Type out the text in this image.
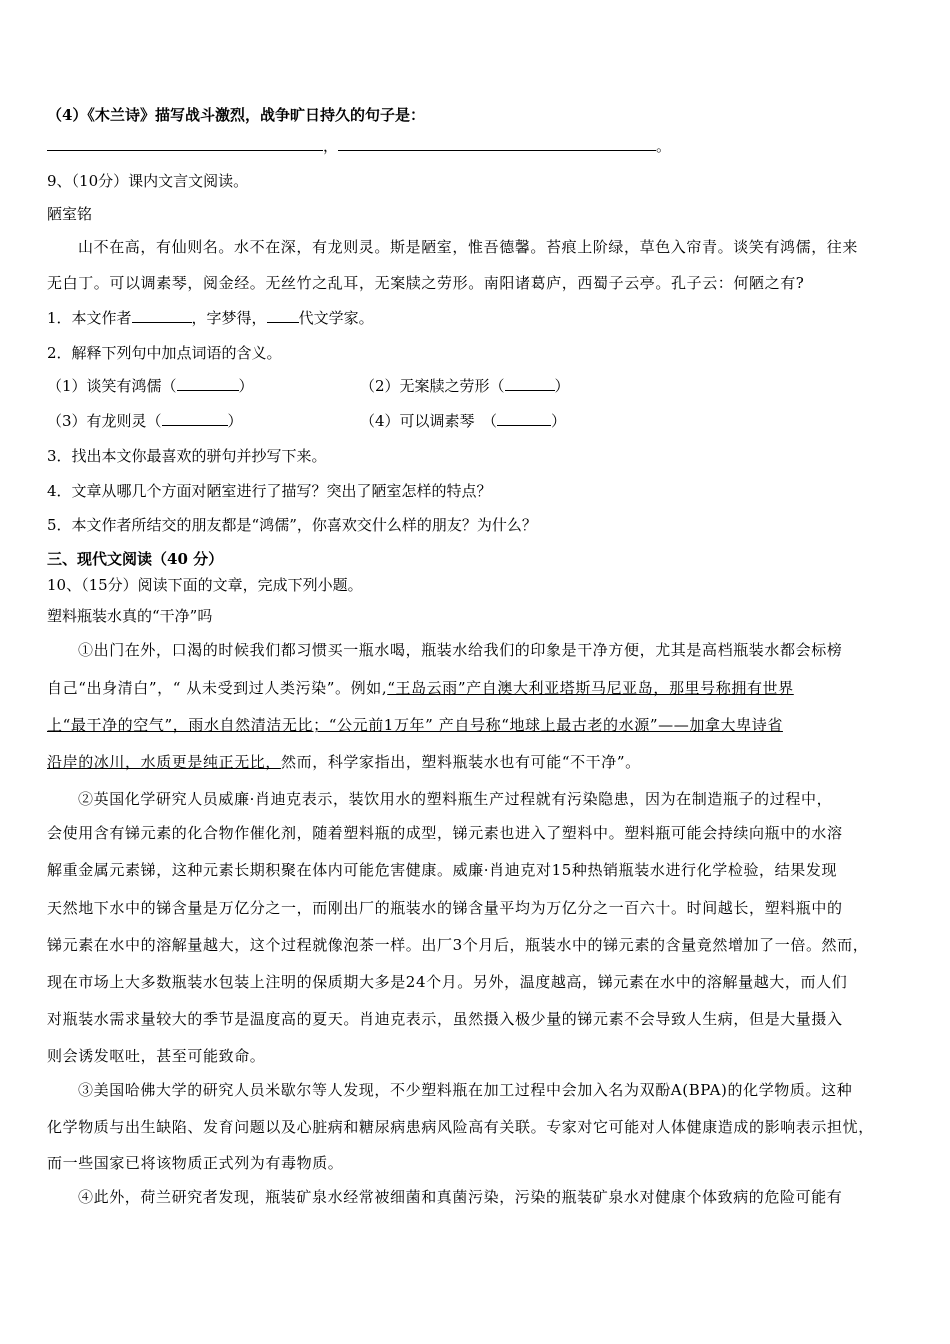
（4）《木兰诗》描写战斗激烈，战争旷日持久的句子是：
，	。
9、（10分）课内文言文阅读。
陋室铭
山不在高，有仙则名。水不在深，有龙则灵。斯是陋室，惟吾德馨。苔痕上阶绿，草色入帘青。谈笑有鸿儒，往来
无白丁。可以调素琴，阅金经。无丝竹之乱耳，无案牍之劳形。南阳诸葛庐，西蜀子云亭。孔子云：何陋之有?
1．本文作者	，字梦得， 代文学家。
2．解释下列句中加点词语的含义。
（1）谈笑有鸿儒（	）	（2）无案牍之劳形（	）
（3）有龙则灵（	）	（4）可以调素琴　（	）
3．找出本文你最喜欢的骈句并抄写下来。
4．文章从哪几个方面对陋室进行了描写？突出了陋室怎样的特点？
5．本文作者所结交的朋友都是“鸿儒”，你喜欢交什么样的朋友？为什么？
三、现代文阅读（40 分）
10、（15分）阅读下面的文章，完成下列小题。
塑料瓶装水真的“干净”吗
①出门在外，口渴的时候我们都习惯买一瓶水喝，瓶装水给我们的印象是干净方便，尤其是高档瓶装水都会标榜
自己“出身清白”，“ 从未受到过人类污染”。例如,“王岛云雨”产自澳大利亚塔斯马尼亚岛，那里号称拥有世界
上“最干净的空气”，雨水自然清洁无比；“公元前1万年” 产自号称“地球上最古老的水源”——加拿大卑诗省
沿岸的冰川，水质更是纯正无比，然而，科学家指出，塑料瓶装水也有可能“不干净”。
②英国化学研究人员威廉·肖迪克表示，装饮用水的塑料瓶生产过程就有污染隐患，因为在制造瓶子的过程中，
会使用含有锑元素的化合物作催化剂，随着塑料瓶的成型，锑元素也进入了塑料中。塑料瓶可能会持续向瓶中的水溶
解重金属元素锑，这种元素长期积聚在体内可能危害健康。威廉·肖迪克对15种热销瓶装水进行化学检验，结果发现
天然地下水中的锑含量是万亿分之一，而刚出厂的瓶装水的锑含量平均为万亿分之一百六十。时间越长，塑料瓶中的
锑元素在水中的溶解量越大，这个过程就像泡茶一样。出厂3个月后，瓶装水中的锑元素的含量竟然增加了一倍。然而，
现在市场上大多数瓶装水包装上注明的保质期大多是24个月。另外，温度越高，锑元素在水中的溶解量越大，而人们
对瓶装水需求量较大的季节是温度高的夏天。肖迪克表示，虽然摄入极少量的锑元素不会导致人生病，但是大量摄入
则会诱发呕吐，甚至可能致命。
③美国哈佛大学的研究人员米歇尔等人发现，不少塑料瓶在加工过程中会加入名为双酚A(BPA)的化学物质。这种
化学物质与出生缺陷、发育问题以及心脏病和糖尿病患病风险高有关联。专家对它可能对人体健康造成的影响表示担忧，
而一些国家已将该物质正式列为有毒物质。
④此外，荷兰研究者发现，瓶装矿泉水经常被细菌和真菌污染，污染的瓶装矿泉水对健康个体致病的危险可能有
